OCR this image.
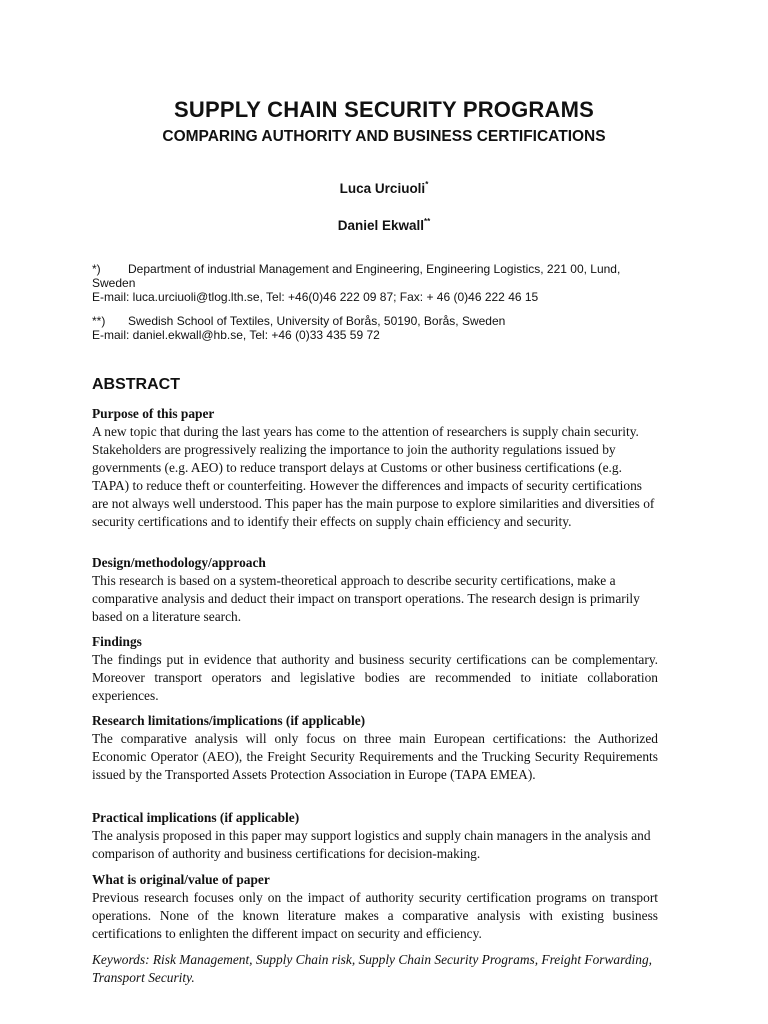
SUPPLY CHAIN SECURITY PROGRAMS
COMPARING AUTHORITY AND BUSINESS CERTIFICATIONS
Luca Urciuoli*
Daniel Ekwall**
*) Department of industrial Management and Engineering, Engineering Logistics, 221 00, Lund,
Sweden
E-mail: luca.urciuoli@tlog.lth.se, Tel: +46(0)46 222 09 87; Fax: + 46 (0)46 222 46 15
**) Swedish School of Textiles, University of Borås, 50190, Borås, Sweden
E-mail: daniel.ekwall@hb.se, Tel: +46 (0)33 435 59 72
ABSTRACT
Purpose of this paper
A new topic that during the last years has come to the attention of researchers is supply chain security. Stakeholders are progressively realizing the importance to join the authority regulations issued by governments (e.g. AEO) to reduce transport delays at Customs or other business certifications (e.g. TAPA) to reduce theft or counterfeiting. However the differences and impacts of security certifications are not always well understood. This paper has the main purpose to explore similarities and diversities of security certifications and to identify their effects on supply chain efficiency and security.
Design/methodology/approach
This research is based on a system-theoretical approach to describe security certifications, make a comparative analysis and deduct their impact on transport operations. The research design is primarily based on a literature search.
Findings
The findings put in evidence that authority and business security certifications can be complementary. Moreover transport operators and legislative bodies are recommended to initiate collaboration experiences.
Research limitations/implications (if applicable)
The comparative analysis will only focus on three main European certifications: the Authorized Economic Operator (AEO), the Freight Security Requirements and the Trucking Security Requirements issued by the Transported Assets Protection Association in Europe (TAPA EMEA).
Practical implications (if applicable)
The analysis proposed in this paper may support logistics and supply chain managers in the analysis and comparison of authority and business certifications for decision-making.
What is original/value of paper
Previous research focuses only on the impact of authority security certification programs on transport operations. None of the known literature makes a comparative analysis with existing business certifications to enlighten the different impact on security and efficiency.
Keywords: Risk Management, Supply Chain risk, Supply Chain Security Programs, Freight Forwarding, Transport Security.
